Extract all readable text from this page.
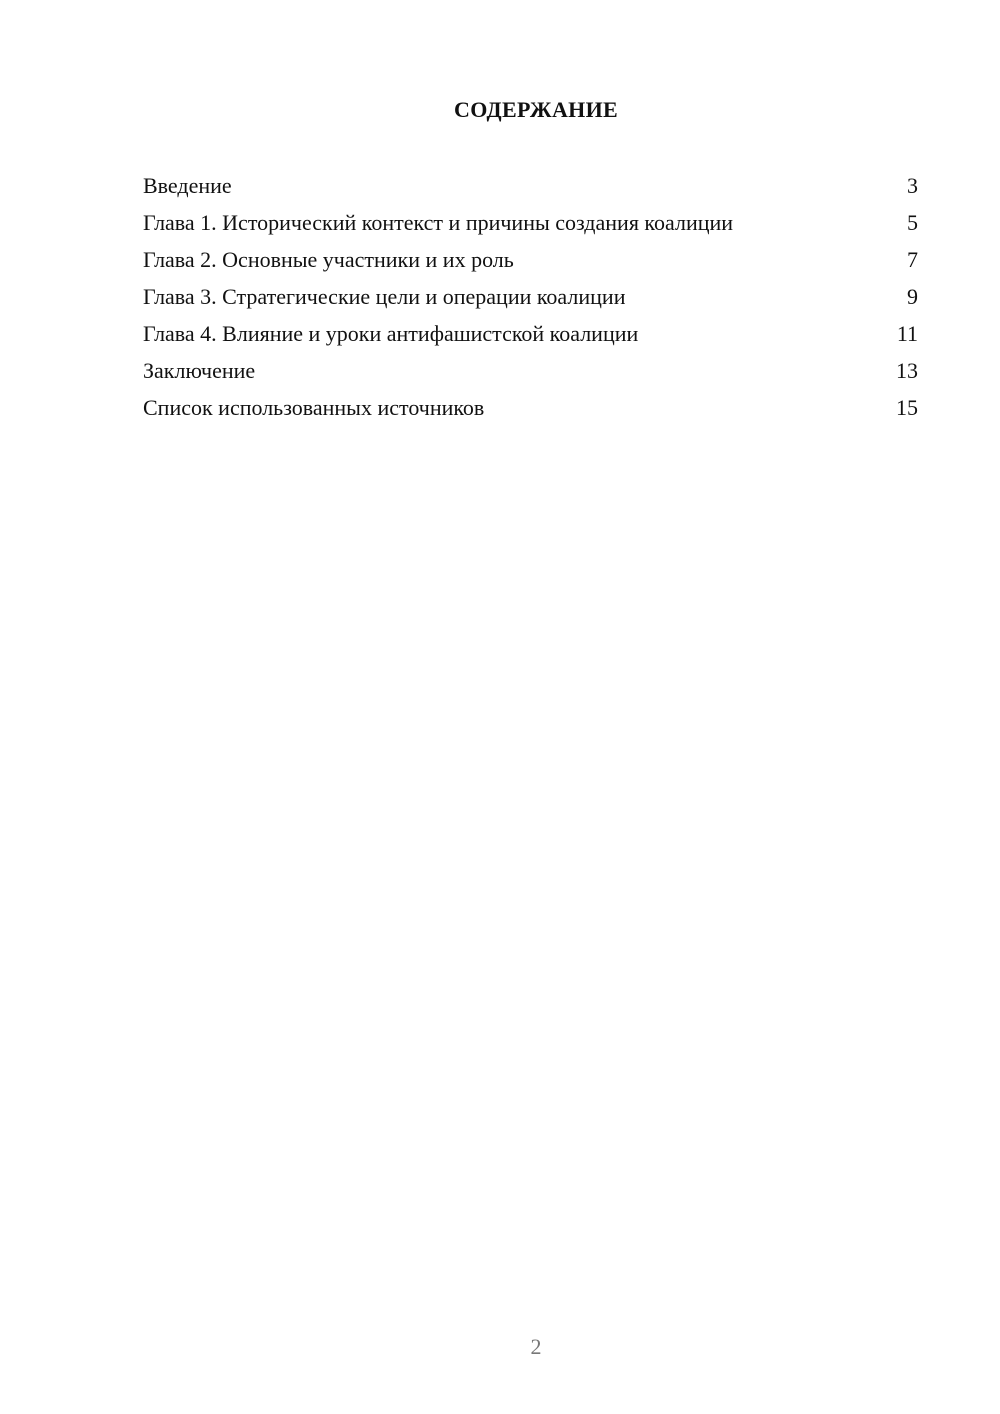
СОДЕРЖАНИЕ
Введение	3
Глава 1. Исторический контекст и причины создания коалиции	5
Глава 2. Основные участники и их роль	7
Глава 3. Стратегические цели и операции коалиции	9
Глава 4. Влияние и уроки антифашистской коалиции	11
Заключение	13
Список использованных источников	15
2
